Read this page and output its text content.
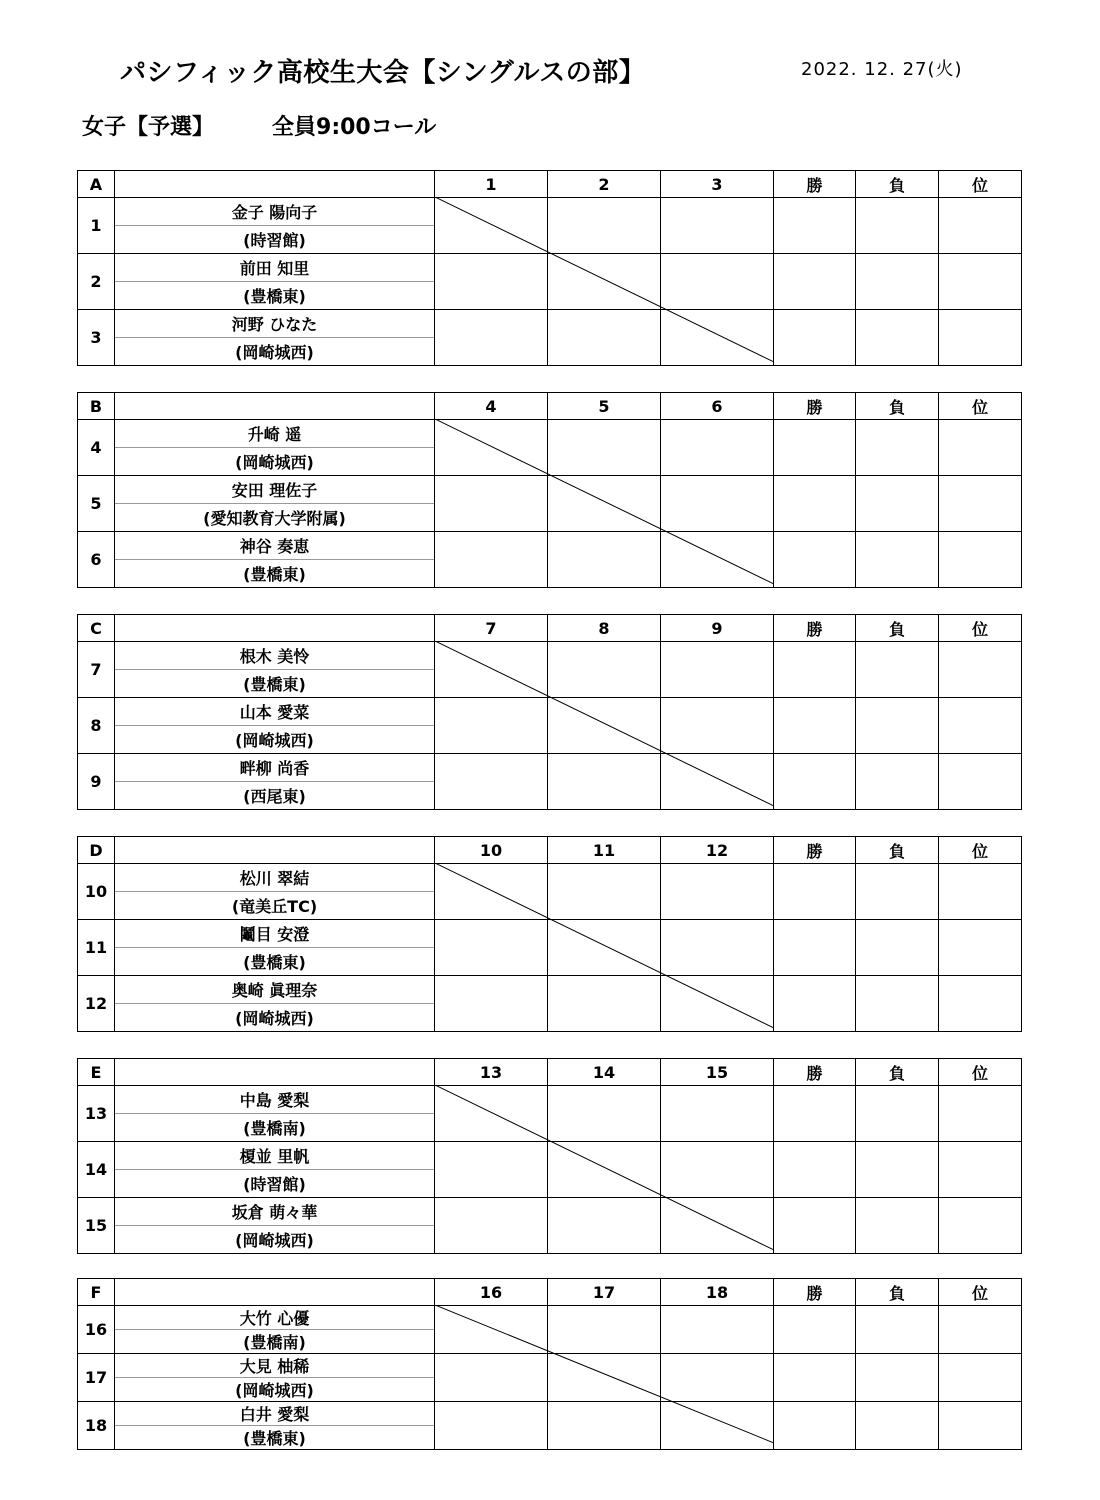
パシフィック高校生大会【シングルスの部】	2022. 12. 27(火)
女子【予選】	全員9:00コール
A		1	2	3	勝	負	位
1	金子 陽向子
(時習館)						

2	前田 知里
(豊橋東)						

3	河野 ひなた
(岡崎城西)						

B		4	5	6	勝	負	位
4	升崎 遥
(岡崎城西)						

5	安田 理佐子
(愛知教育大学附属)						

6	神谷 奏恵
(豊橋東)						

C		7	8	9	勝	負	位
7	根木 美怜
(豊橋東)						

8	山本 愛菜
(岡崎城西)						

9	畔柳 尚香
(西尾東)						

D		10	11	12	勝	負	位
10	松川 翠結
(竜美丘TC)						

11	鬮目 安澄
(豊橋東)						

12	奥崎 眞理奈
(岡崎城西)						

E		13	14	15	勝	負	位
13	中島 愛梨
(豊橋南)						

14	榎並 里帆
(時習館)						

15	坂倉 萌々華
(岡崎城西)						

F		16	17	18	勝	負	位
16	大竹 心優
(豊橋南)						

17	大見 柚稀
(岡崎城西)						

18	白井 愛梨
(豊橋東)						
